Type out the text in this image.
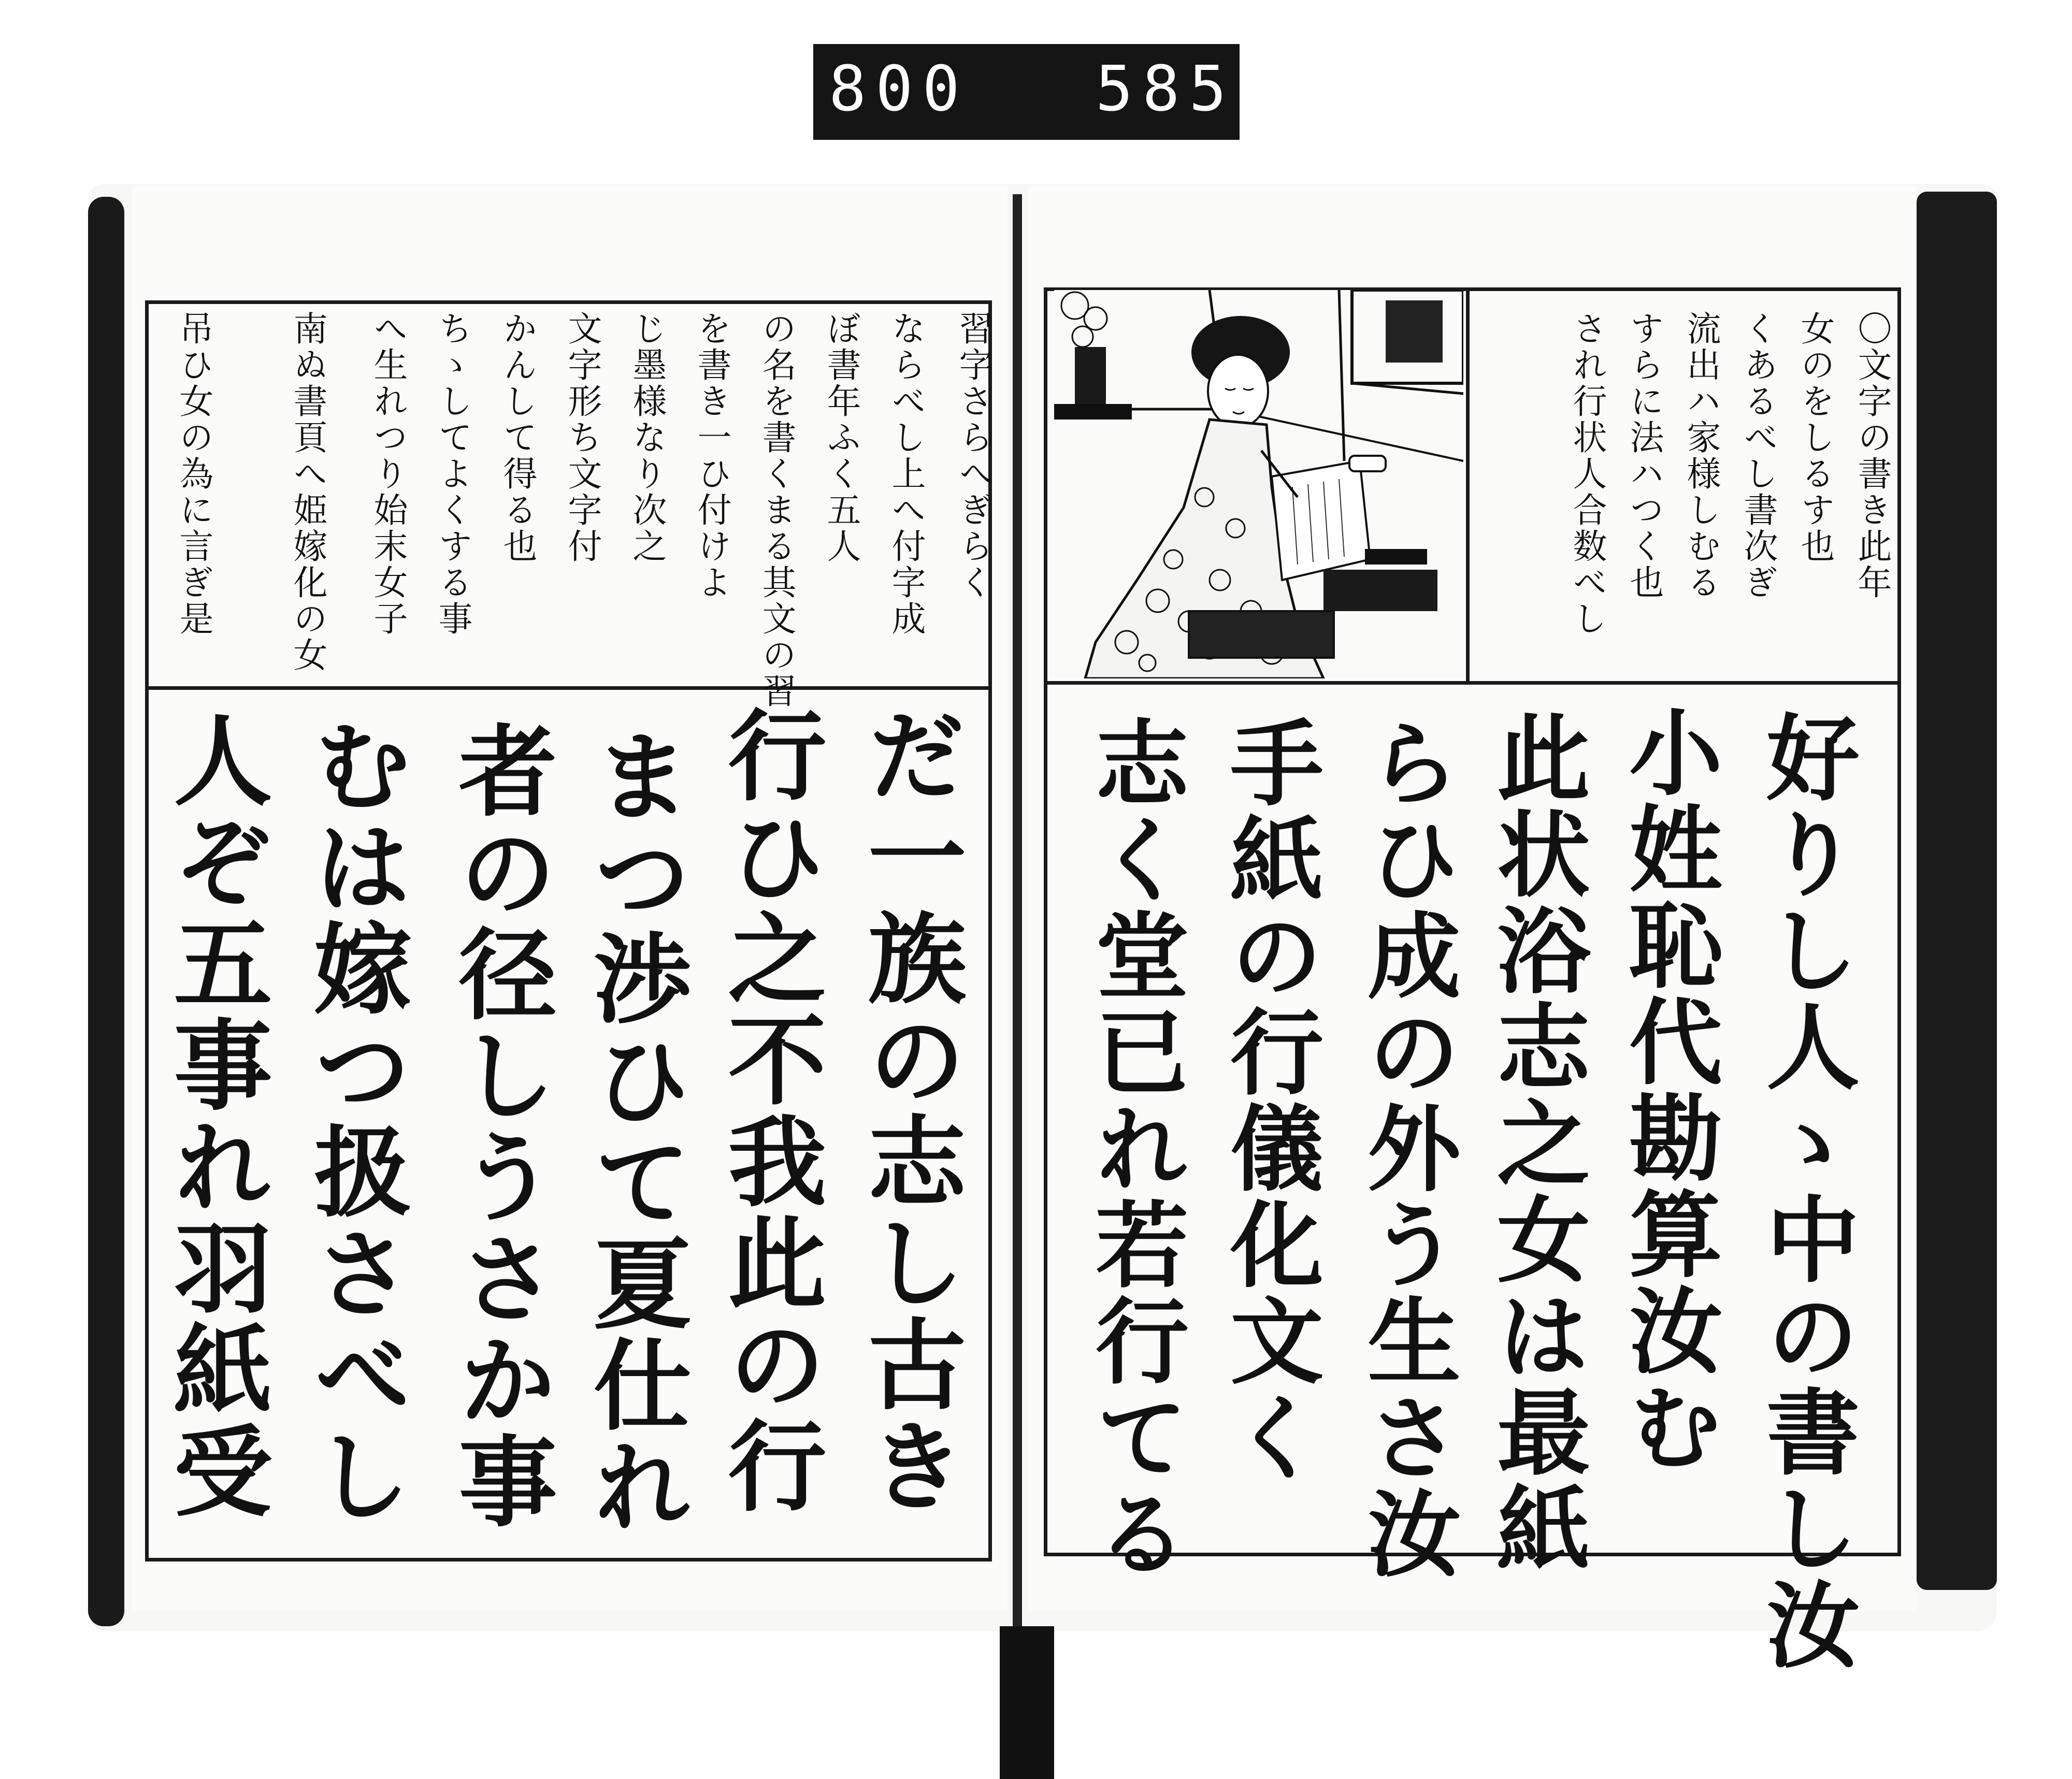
800 585.
習字さらへぎらく
ならべし上へ付字成
ぼ書年ふく五人
の名を書くまる其文の習
を書き一ひ付けよ
じ墨様なり次之
文字形ち文字付
かんして得る也
ちゝしてよくする事
へ生れつり始末女子
南ぬ書頁へ姫嫁化の女
吊ひ女の為に言ぎ是
だ一族の志し古き
行ひ之不我此の行
まつ渉ひて夏仕れ
者の径しうさか事
むは嫁つ扱さべし
人ぞ五事れ羽紙受
〇文字の書き此年
女のをしるす也
くあるべし書次ぎ
流出ハ家様しむる
すらに法ハつく也
され行状人合数べし
好りし人ゝ中の書し汝
小姓恥代勘算汝む
此状浴志之女は最紙
らひ成の外う生さ汝
手紙の行儀化文く
志く堂已れ若行てる
